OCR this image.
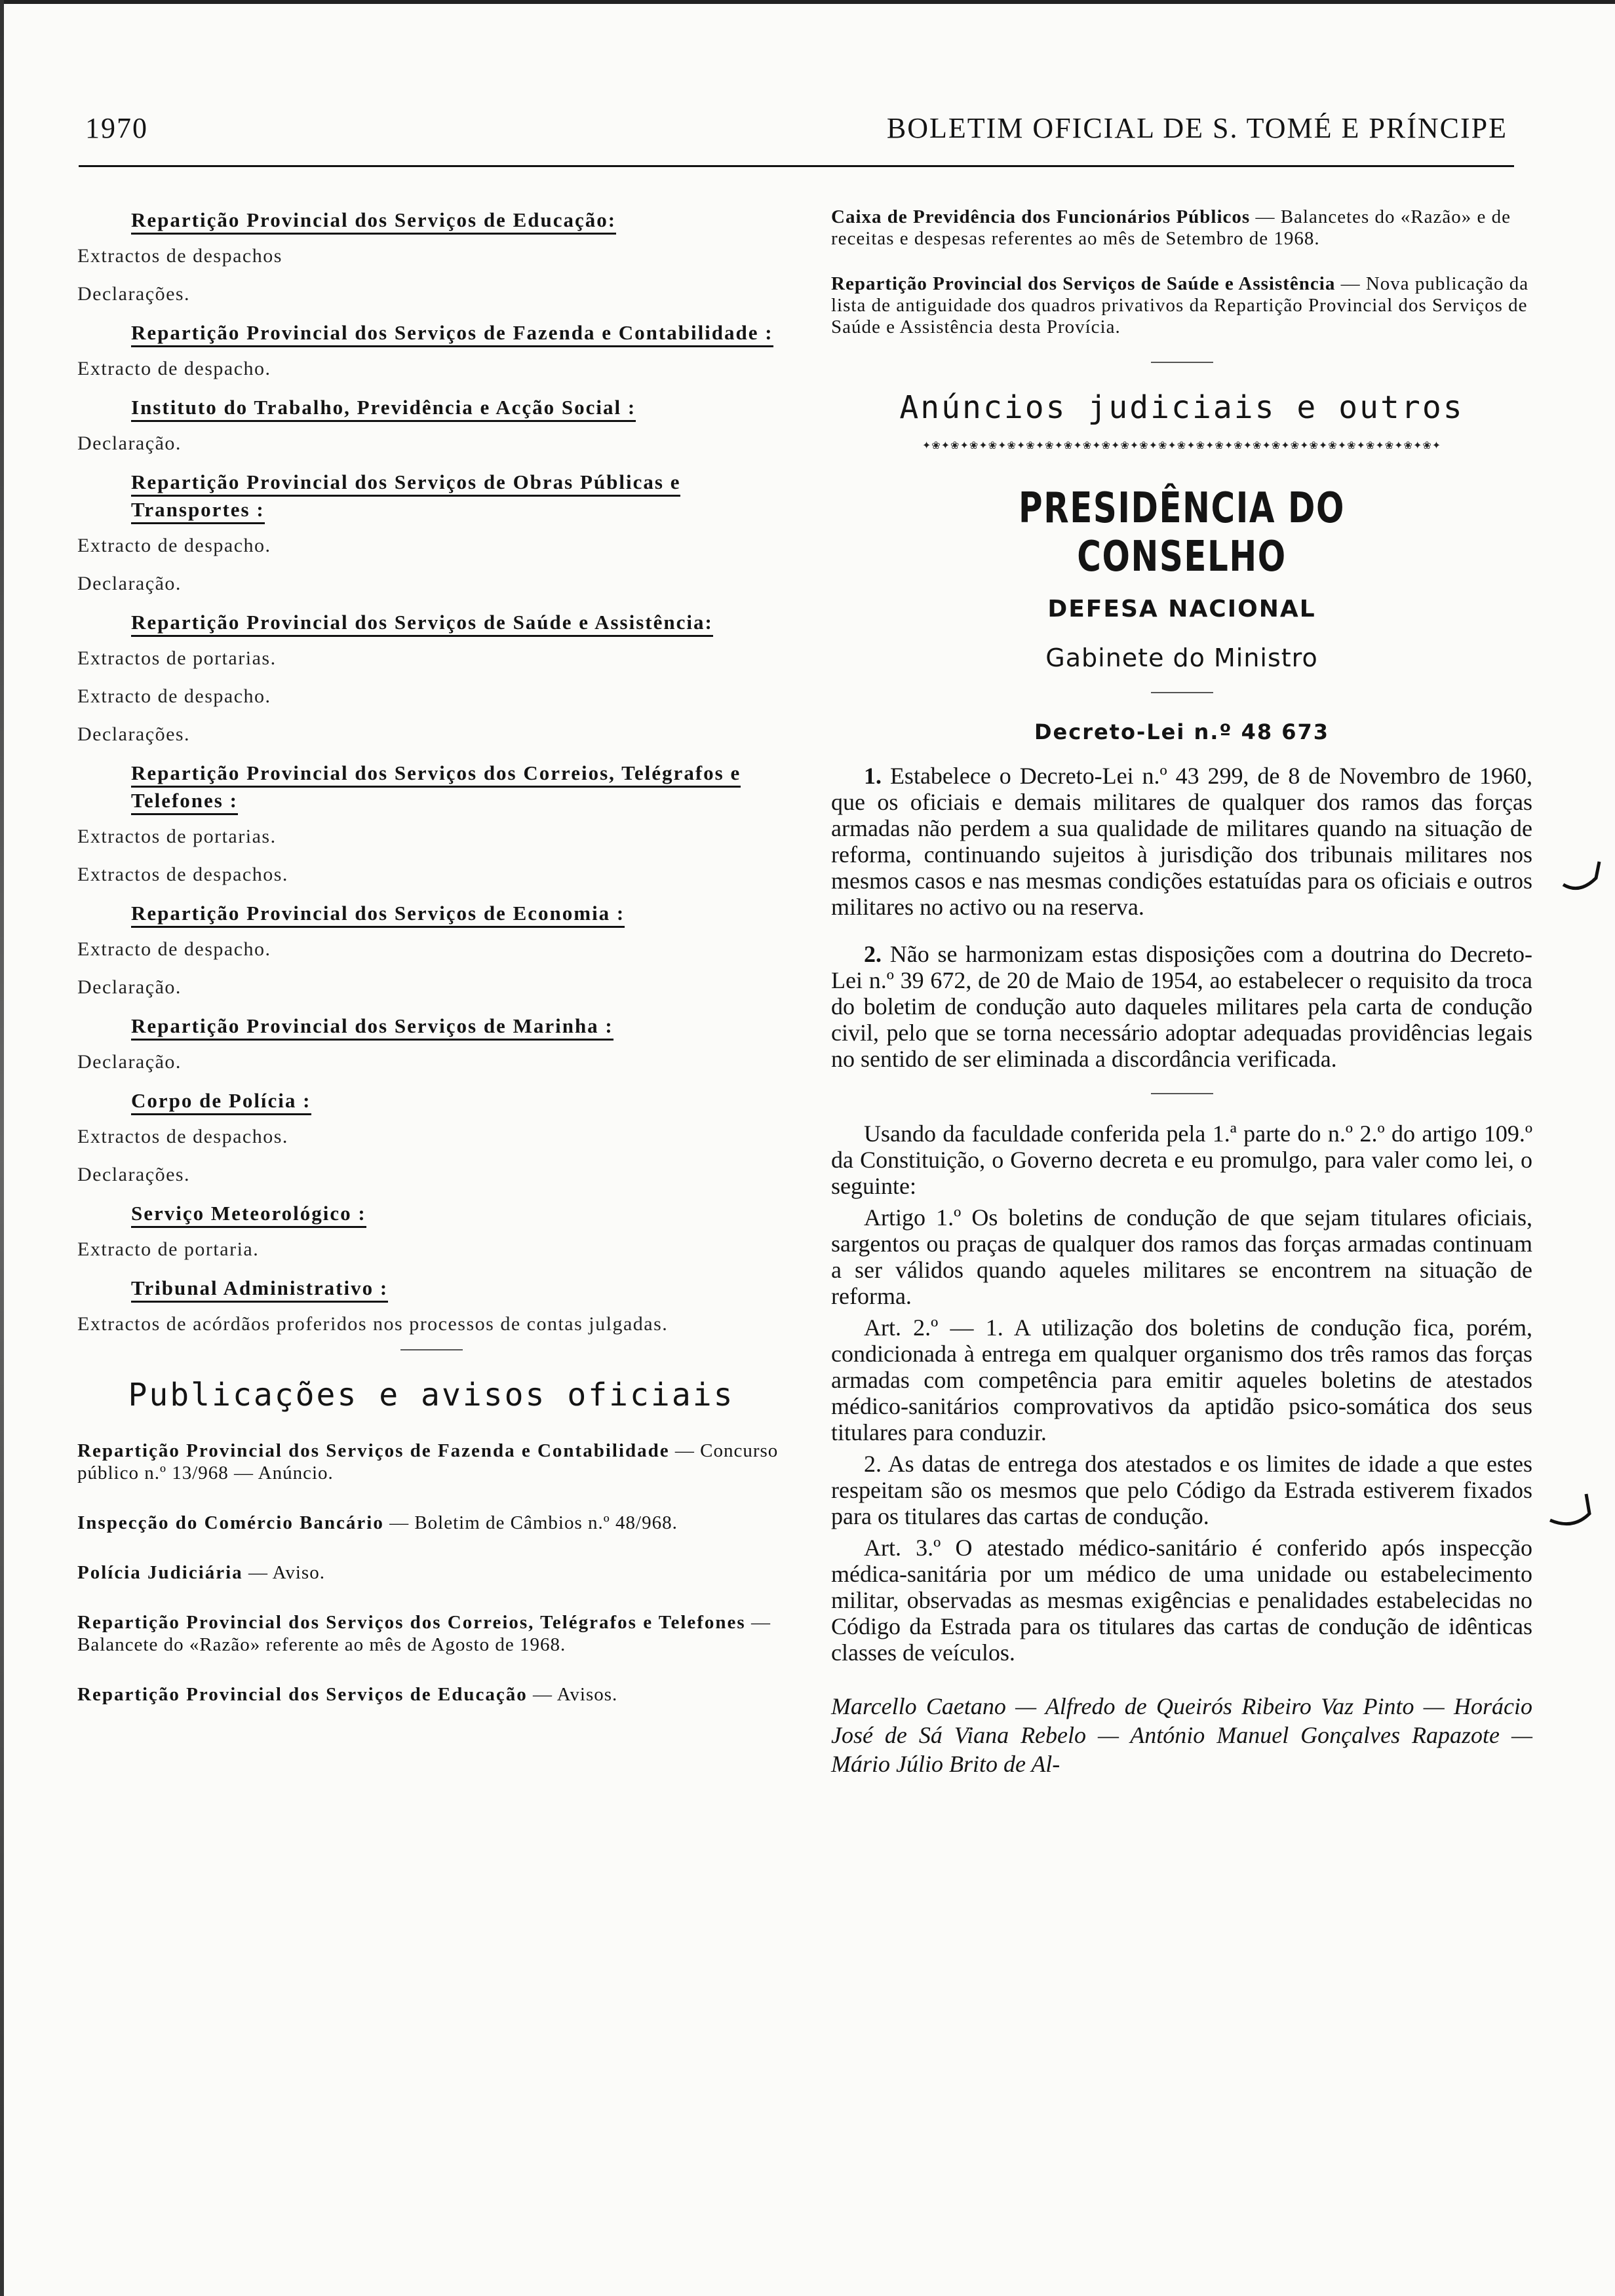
1970	BOLETIM OFICIAL DE S. TOMÉ E PRÍNCIPE
Repartição Provincial dos Serviços de Educação:
Extractos de despachos
Declarações.
Repartição Provincial dos Serviços de Fazenda e Contabilidade :
Extracto de despacho.
Instituto do Trabalho, Previdência e Acção Social :
Declaração.
Repartição Provincial dos Serviços de Obras Públicas e Transportes :
Extracto de despacho.
Declaração.
Repartição Provincial dos Serviços de Saúde e Assistência:
Extractos de portarias.
Extracto de despacho.
Declarações.
Repartição Provincial dos Serviços dos Correios, Telégrafos e Telefones :
Extractos de portarias.
Extractos de despachos.
Repartição Provincial dos Serviços de Economia :
Extracto de despacho.
Declaração.
Repartição Provincial dos Serviços de Marinha :
Declaração.
Corpo de Polícia :
Extractos de despachos.
Declarações.
Serviço Meteorológico :
Extracto de portaria.
Tribunal Administrativo :
Extractos de acórdãos proferidos nos processos de contas julgadas.
Publicações e avisos oficiais
Repartição Provincial dos Serviços de Fazenda e Contabilidade — Concurso público n.º 13/968 — Anúncio.
Inspecção do Comércio Bancário — Boletim de Câmbios n.º 48/968.
Polícia Judiciária — Aviso.
Repartição Provincial dos Serviços dos Correios, Telégrafos e Telefones — Balancete do «Razão» referente ao mês de Agosto de 1968.
Repartição Provincial dos Serviços de Educação — Avisos.
Caixa de Previdência dos Funcionários Públicos — Balancetes do «Razão» e de receitas e despesas referentes ao mês de Setembro de 1968.
Repartição Provincial dos Serviços de Saúde e Assistência — Nova publicação da lista de antiguidade dos quadros privativos da Repartição Provincial dos Serviços de Saúde e Assistência desta Provícia.
Anúncios judiciais e outros
✦❀✦❀✦❀✦❀✦❀✦❀✦❀✦❀✦❀✦❀✦❀✦❀✦❀✦❀✦❀✦❀✦❀✦❀✦❀✦❀✦❀✦❀✦❀✦❀✦❀✦❀✦❀✦
PRESIDÊNCIA DO CONSELHO
DEFESA NACIONAL
Gabinete do Ministro
Decreto-Lei n.º 48 673
1. Estabelece o Decreto-Lei n.º 43 299, de 8 de Novembro de 1960, que os oficiais e demais militares de qualquer dos ramos das forças armadas não perdem a sua qualidade de militares quando na situação de reforma, continuando sujeitos à jurisdição dos tribunais militares nos mesmos casos e nas mesmas condições estatuídas para os oficiais e outros militares no activo ou na reserva.
2. Não se harmonizam estas disposições com a doutrina do Decreto-Lei n.º 39 672, de 20 de Maio de 1954, ao estabelecer o requisito da troca do boletim de condução auto daqueles militares pela carta de condução civil, pelo que se torna necessário adoptar adequadas providências legais no sentido de ser eliminada a discordância verificada.
Usando da faculdade conferida pela 1.ª parte do n.º 2.º do artigo 109.º da Constituição, o Governo decreta e eu promulgo, para valer como lei, o seguinte:
Artigo 1.º Os boletins de condução de que sejam titulares oficiais, sargentos ou praças de qualquer dos ramos das forças armadas continuam a ser válidos quando aqueles militares se encontrem na situação de reforma.
Art. 2.º — 1. A utilização dos boletins de condução fica, porém, condicionada à entrega em qualquer organismo dos três ramos das forças armadas com competência para emitir aqueles boletins de atestados médico-sanitários comprovativos da aptidão psico-somática dos seus titulares para conduzir.
2. As datas de entrega dos atestados e os limites de idade a que estes respeitam são os mesmos que pelo Código da Estrada estiverem fixados para os titulares das cartas de condução.
Art. 3.º O atestado médico-sanitário é conferido após inspecção médica-sanitária por um médico de uma unidade ou estabelecimento militar, observadas as mesmas exigências e penalidades estabelecidas no Código da Estrada para os titulares das cartas de condução de idênticas classes de veículos.
Marcello Caetano — Alfredo de Queirós Ribeiro Vaz Pinto — Horácio José de Sá Viana Rebelo — António Manuel Gonçalves Rapazote — Mário Júlio Brito de Al-
